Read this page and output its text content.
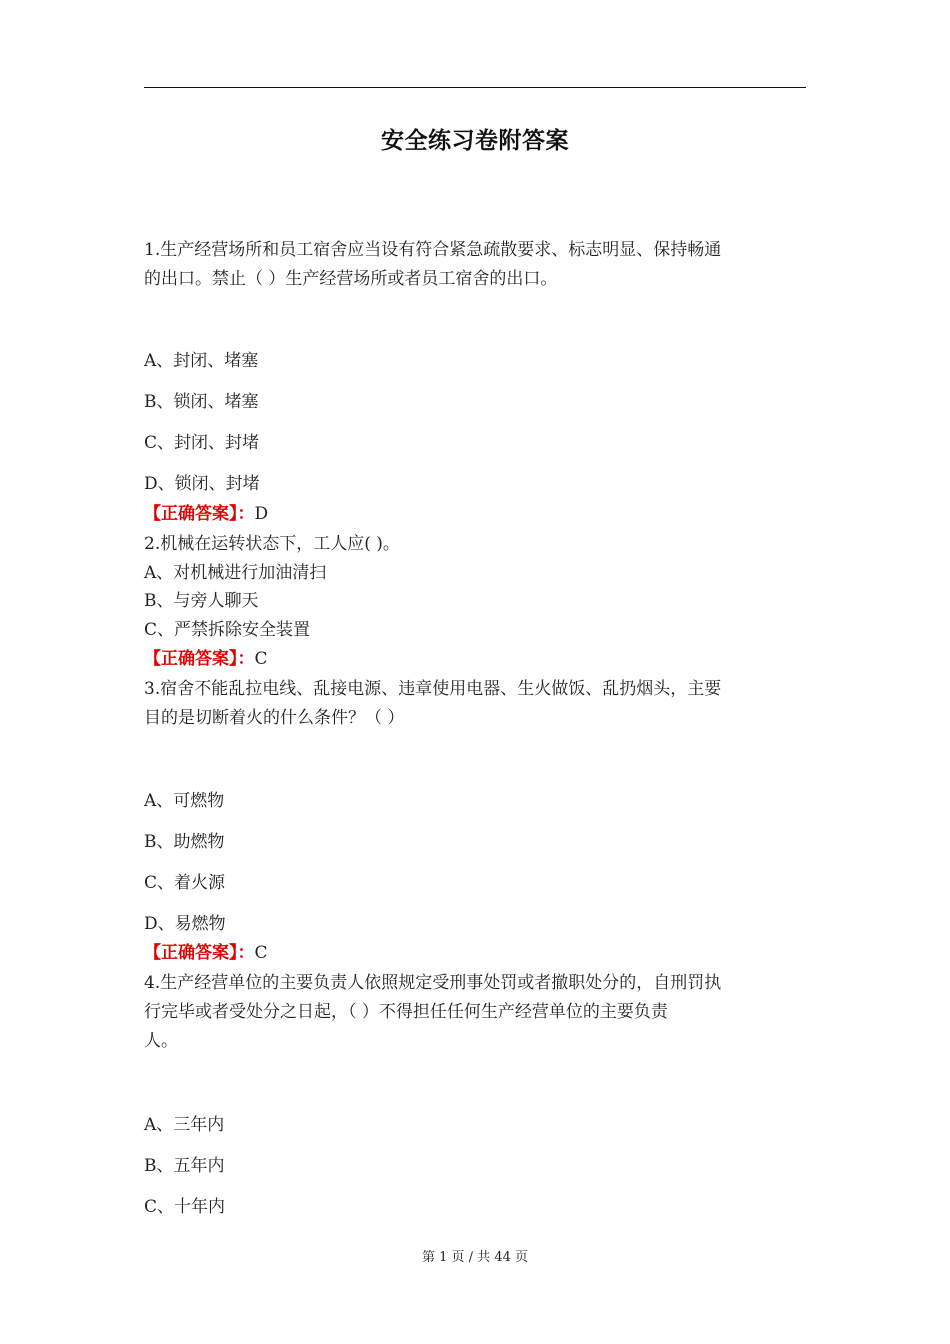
安全练习卷附答案
1.生产经营场所和员工宿舍应当设有符合紧急疏散要求、标志明显、保持畅通
的出口。禁止（ ）生产经营场所或者员工宿舍的出口。
A、封闭、堵塞
B、锁闭、堵塞
C、封闭、封堵
D、锁闭、封堵
【正确答案】：D
2.机械在运转状态下，工人应( )。
A、对机械进行加油清扫
B、与旁人聊天
C、严禁拆除安全装置
【正确答案】：C
3.宿舍不能乱拉电线、乱接电源、违章使用电器、生火做饭、乱扔烟头，主要
目的是切断着火的什么条件？（ ）
A、可燃物
B、助燃物
C、着火源
D、易燃物
【正确答案】：C
4.生产经营单位的主要负责人依照规定受刑事处罚或者撤职处分的，自刑罚执
行完毕或者受处分之日起，（ ）不得担任任何生产经营单位的主要负责
人。
A、三年内
B、五年内
C、十年内
第 1 页 / 共 44 页
